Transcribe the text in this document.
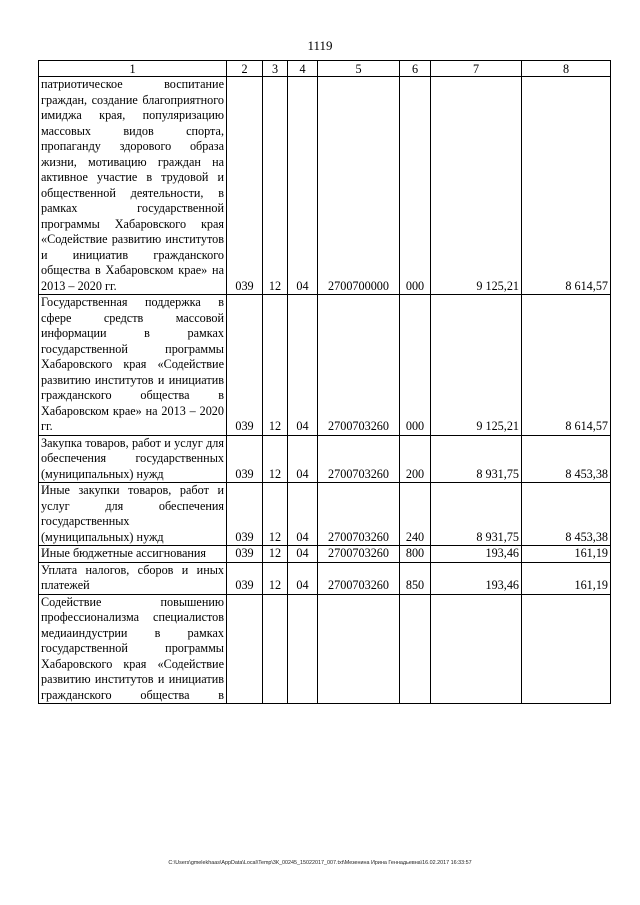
1119
1	2	3	4	5	6	7	8
патриотическое воспитание граждан, создание благоприятного имиджа края, популяризацию массовых видов спорта, пропаганду здорового образа жизни, мотивацию граждан на активное участие в трудовой и общественной деятельности, в рамках государственной программы Хабаровского края «Содействие развитию институтов и инициатив гражданского общества в Хабаровском крае» на 2013 – 2020 гг.	039	12	04	2700700000	000	9 125,21	8 614,57
Государственная поддержка в сфере средств массовой информации в рамках государственной программы Хабаровского края «Содействие развитию институтов и инициатив гражданского общества в Хабаровском крае» на 2013 – 2020 гг.	039	12	04	2700703260	000	9 125,21	8 614,57
Закупка товаров, работ и услуг для обеспечения государственных (муниципальных) нужд	039	12	04	2700703260	200	8 931,75	8 453,38
Иные закупки товаров, работ и услуг для обеспечения государственных (муниципальных) нужд	039	12	04	2700703260	240	8 931,75	8 453,38
Иные бюджетные ассигнования	039	12	04	2700703260	800	193,46	161,19
Уплата налогов, сборов и иных платежей	039	12	04	2700703260	850	193,46	161,19
Содействие повышению профессионализма специалистов медиаиндустрии в рамках государственной программы Хабаровского края «Содействие развитию институтов и инициатив гражданского общества в							
C:\Users\gmelekhaas\AppData\Local\Temp\3К_00245_15022017_007.txt\Мезенина Ирина Геннадьевна\16.02.2017 16:33:57
